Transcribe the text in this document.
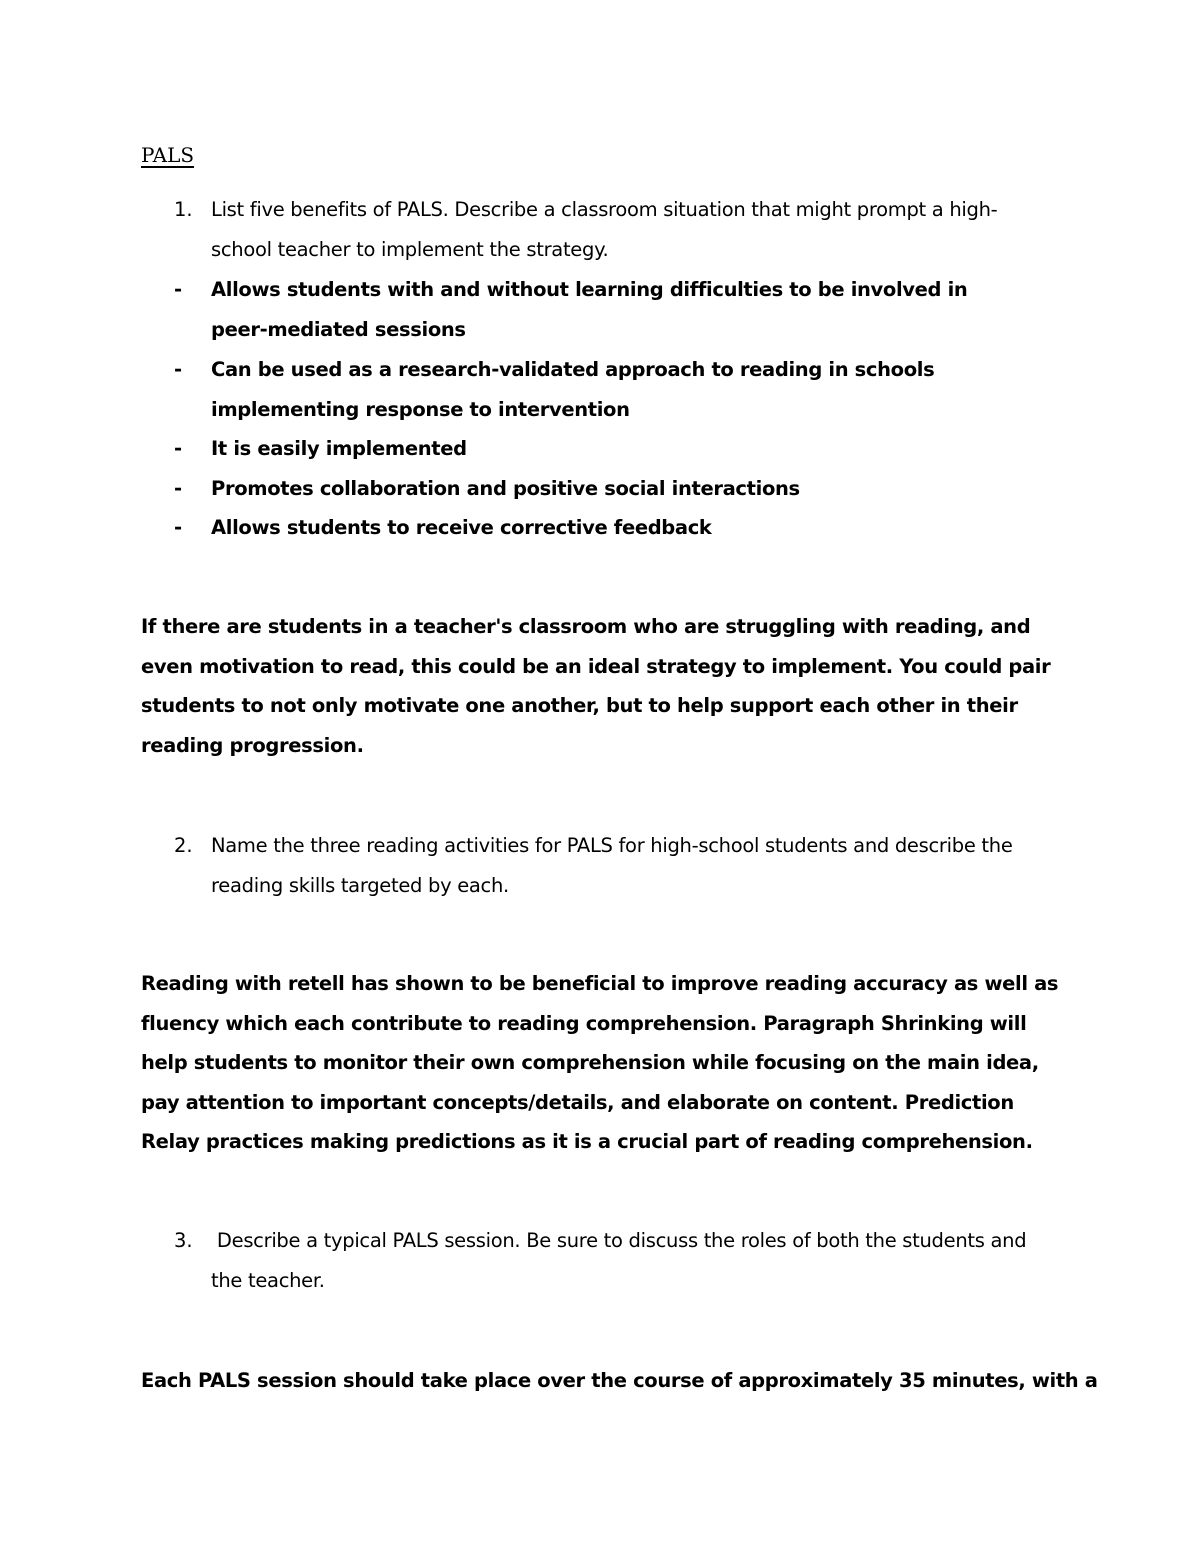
PALS
1. List five benefits of PALS. Describe a classroom situation that might prompt a high-school teacher to implement the strategy.
- Allows students with and without learning difficulties to be involved in peer-mediated sessions
- Can be used as a research-validated approach to reading in schools implementing response to intervention
- It is easily implemented
- Promotes collaboration and positive social interactions
- Allows students to receive corrective feedback

If there are students in a teacher's classroom who are struggling with reading, and even motivation to read, this could be an ideal strategy to implement. You could pair students to not only motivate one another, but to help support each other in their reading progression.

2. Name the three reading activities for PALS for high-school students and describe the reading skills targeted by each.

Reading with retell has shown to be beneficial to improve reading accuracy as well as fluency which each contribute to reading comprehension. Paragraph Shrinking will help students to monitor their own comprehension while focusing on the main idea, pay attention to important concepts/details, and elaborate on content. Prediction Relay practices making predictions as it is a crucial part of reading comprehension.

3. Describe a typical PALS session. Be sure to discuss the roles of both the students and the teacher.

Each PALS session should take place over the course of approximately 35 minutes, with a
